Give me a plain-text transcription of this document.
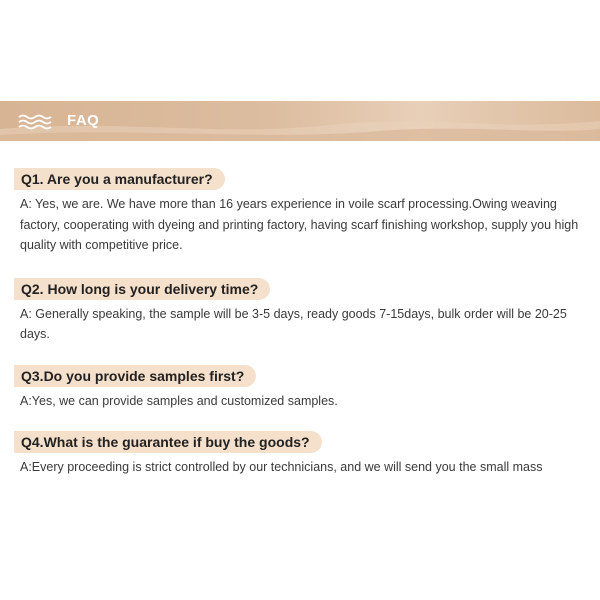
FAQ
Q1. Are you a manufacturer?
A: Yes, we are. We have more than 16 years experience in voile scarf processing.Owing weaving factory, cooperating with dyeing and printing factory, having scarf finishing workshop, supply you high quality with competitive price.
Q2. How long is your delivery time?
A: Generally speaking, the sample will be 3-5 days, ready goods 7-15days, bulk order will be 20-25 days.
Q3.Do you provide samples first?
A:Yes, we can provide samples and customized samples.
Q4.What is the guarantee if buy the goods?
A:Every proceeding is strict controlled by our technicians, and we will send you the small mass
